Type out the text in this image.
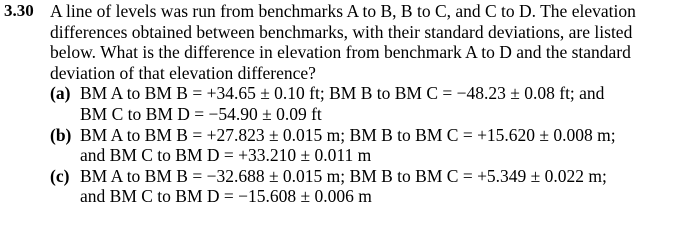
3.30 A line of levels was run from benchmarks A to B, B to C, and C to D. The elevation
differences obtained between benchmarks, with their standard deviations, are listed
below. What is the difference in elevation from benchmark A to D and the standard
deviation of that elevation difference?
(a) BM A to BM B = +34.65 ± 0.10 ft; BM B to BM C = −48.23 ± 0.08 ft; and
BM C to BM D = −54.90 ± 0.09 ft
(b) BM A to BM B = +27.823 ± 0.015 m; BM B to BM C = +15.620 ± 0.008 m;
and BM C to BM D = +33.210 ± 0.011 m
(c) BM A to BM B = −32.688 ± 0.015 m; BM B to BM C = +5.349 ± 0.022 m;
and BM C to BM D = −15.608 ± 0.006 m
